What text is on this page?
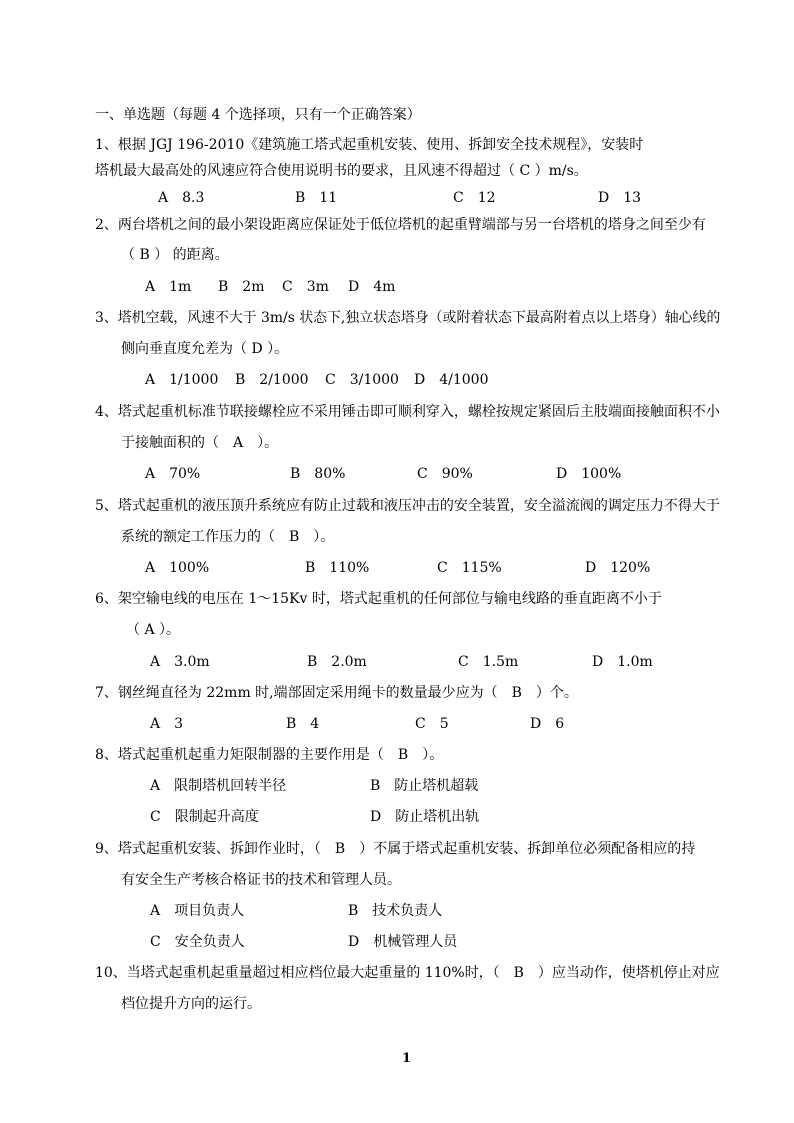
一、单选题（每题 4 个选择项，只有一个正确答案）
1、根据 JGJ 196-2010《建筑施工塔式起重机安装、使用、拆卸安全技术规程》，安装时
塔机最大最高处的风速应符合使用说明书的要求，且风速不得超过（ C ）m/s。
A　8.3	B　11	C　12	D　13
2、两台塔机之间的最小架设距离应保证处于低位塔机的起重臂端部与另一台塔机的塔身之间至少有
（ B ） 的距离。
A　1m B　2m C　3m D　4m
3、塔机空载，风速不大于 3m/s 状态下,独立状态塔身（或附着状态下最高附着点以上塔身）轴心线的
侧向垂直度允差为（ D ）。
A　1/1000 B　2/1000 C　3/1000 D　4/1000
4、塔式起重机标准节联接螺栓应不采用锤击即可顺利穿入，螺栓按规定紧固后主肢端面接触面积不小
于接触面积的（　A　）。
A　70%	B　80%	C　90%	D　100%
5、塔式起重机的液压顶升系统应有防止过载和液压冲击的安全装置，安全溢流阀的调定压力不得大于
系统的额定工作压力的（　B　）。
A　100%	B　110%	C　115%	D　120%
6、架空输电线的电压在 1～15Kv 时，塔式起重机的任何部位与输电线路的垂直距离不小于
（ A ）。
A　3.0m	B　2.0m	C　1.5m	D　1.0m
7、钢丝绳直径为 22mm 时,端部固定采用绳卡的数量最少应为（　B　）个。
A　3	B　4	C　5	D　6
8、塔式起重机起重力矩限制器的主要作用是（　B　）。
A　限制塔机回转半径	B　防止塔机超载
C　限制起升高度	D　防止塔机出轨
9、塔式起重机安装、拆卸作业时，（　B　）不属于塔式起重机安装、拆卸单位必须配备相应的持
有安全生产考核合格证书的技术和管理人员。
A　项目负责人	B　技术负责人
C　安全负责人	D　机械管理人员
10、当塔式起重机起重量超过相应档位最大起重量的 110%时，（　B　）应当动作，使塔机停止对应
档位提升方向的运行。
1
